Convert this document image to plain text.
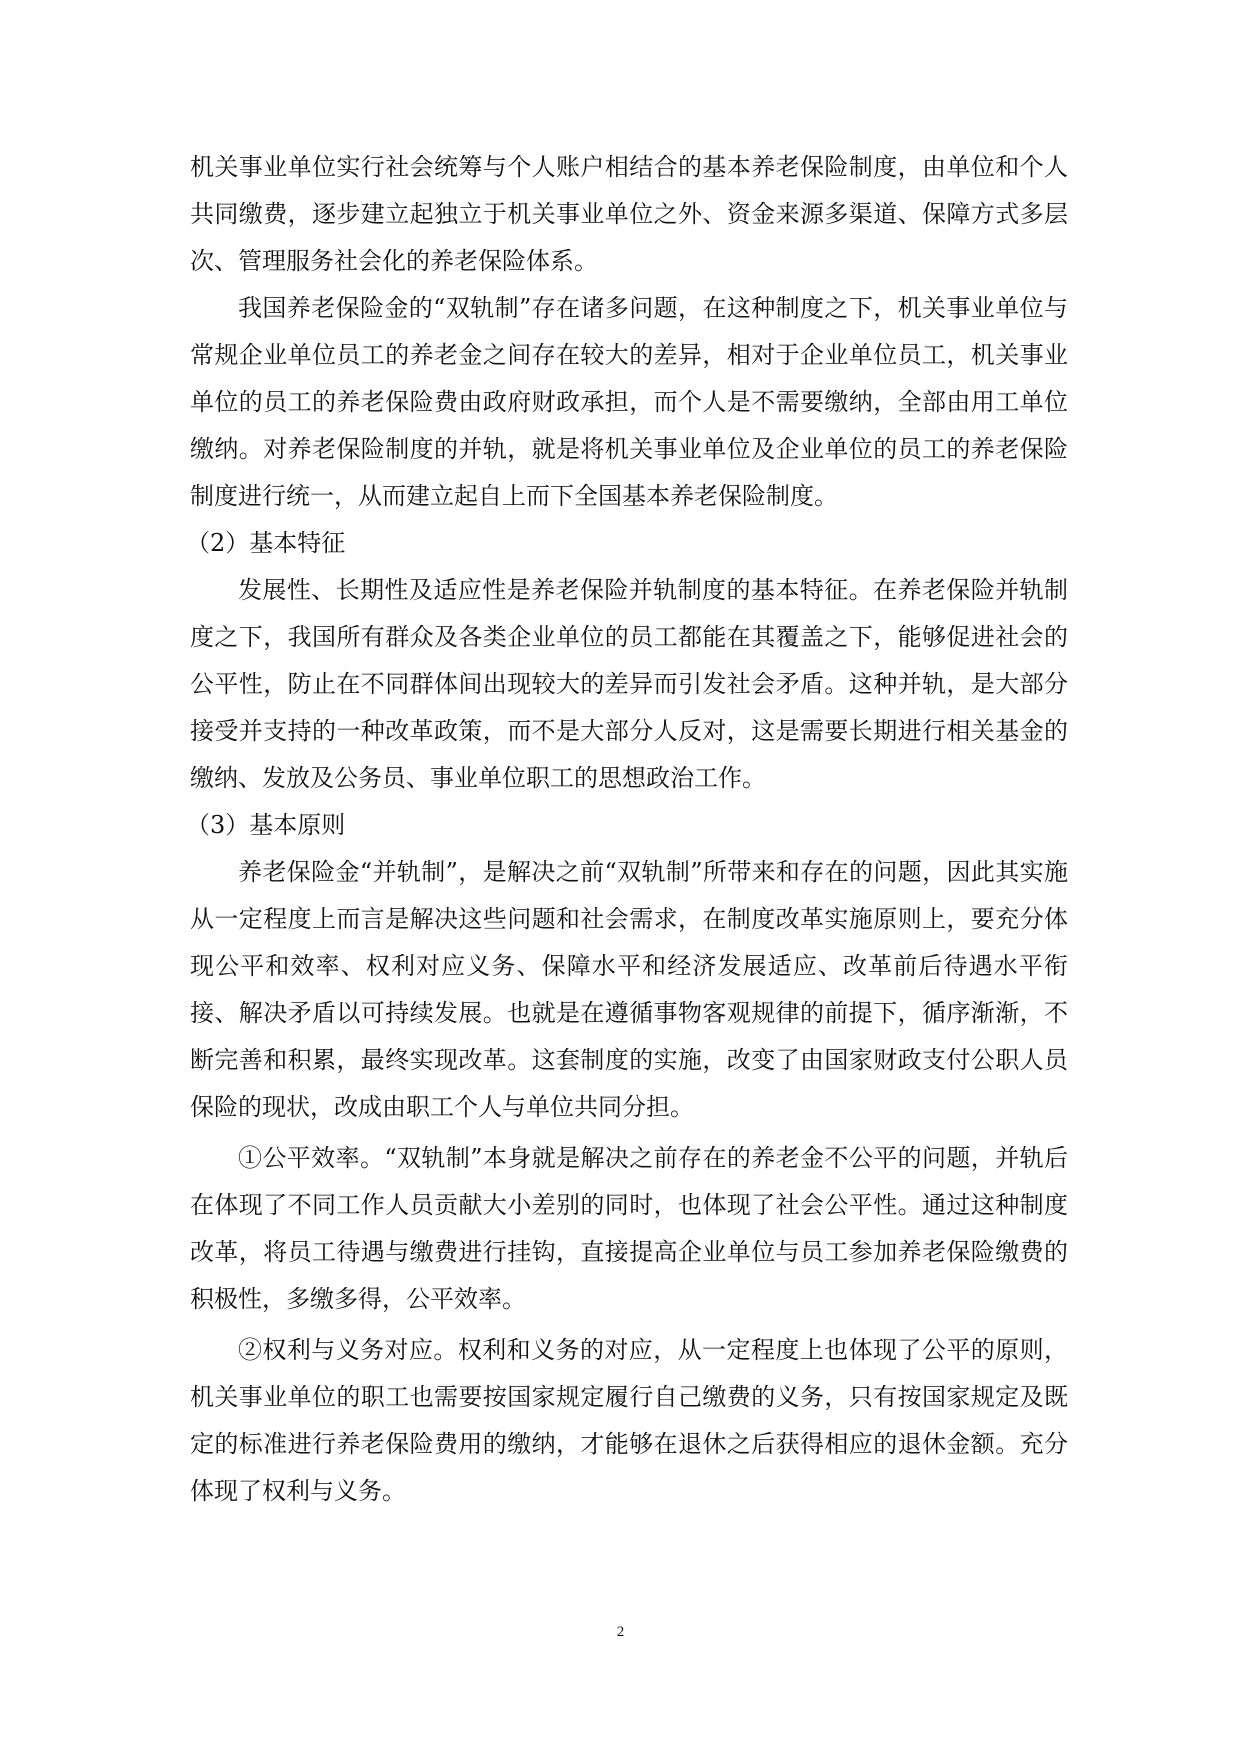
机关事业单位实行社会统筹与个人账户相结合的基本养老保险制度，由单位和个人共同缴费，逐步建立起独立于机关事业单位之外、资金来源多渠道、保障方式多层次、管理服务社会化的养老保险体系。

我国养老保险金的“双轨制”存在诸多问题，在这种制度之下，机关事业单位与常规企业单位员工的养老金之间存在较大的差异，相对于企业单位员工，机关事业单位的员工的养老保险费由政府财政承担，而个人是不需要缴纳，全部由用工单位缴纳。对养老保险制度的并轨，就是将机关事业单位及企业单位的员工的养老保险制度进行统一，从而建立起自上而下全国基本养老保险制度。

（2）基本特征

发展性、长期性及适应性是养老保险并轨制度的基本特征。在养老保险并轨制度之下，我国所有群众及各类企业单位的员工都能在其覆盖之下，能够促进社会的公平性，防止在不同群体间出现较大的差异而引发社会矛盾。这种并轨，是大部分接受并支持的一种改革政策，而不是大部分人反对，这是需要长期进行相关基金的缴纳、发放及公务员、事业单位职工的思想政治工作。

（3）基本原则

养老保险金“并轨制”，是解决之前“双轨制”所带来和存在的问题，因此其实施从一定程度上而言是解决这些问题和社会需求，在制度改革实施原则上，要充分体现公平和效率、权利对应义务、保障水平和经济发展适应、改革前后待遇水平衔接、解决矛盾以可持续发展。也就是在遵循事物客观规律的前提下，循序渐渐，不断完善和积累，最终实现改革。这套制度的实施，改变了由国家财政支付公职人员保险的现状，改成由职工个人与单位共同分担。

①公平效率。“双轨制”本身就是解决之前存在的养老金不公平的问题，并轨后在体现了不同工作人员贡献大小差别的同时，也体现了社会公平性。通过这种制度改革，将员工待遇与缴费进行挂钩，直接提高企业单位与员工参加养老保险缴费的积极性，多缴多得，公平效率。

②权利与义务对应。权利和义务的对应，从一定程度上也体现了公平的原则，机关事业单位的职工也需要按国家规定履行自己缴费的义务，只有按国家规定及既定的标准进行养老保险费用的缴纳，才能够在退休之后获得相应的退休金额。充分体现了权利与义务。

2
